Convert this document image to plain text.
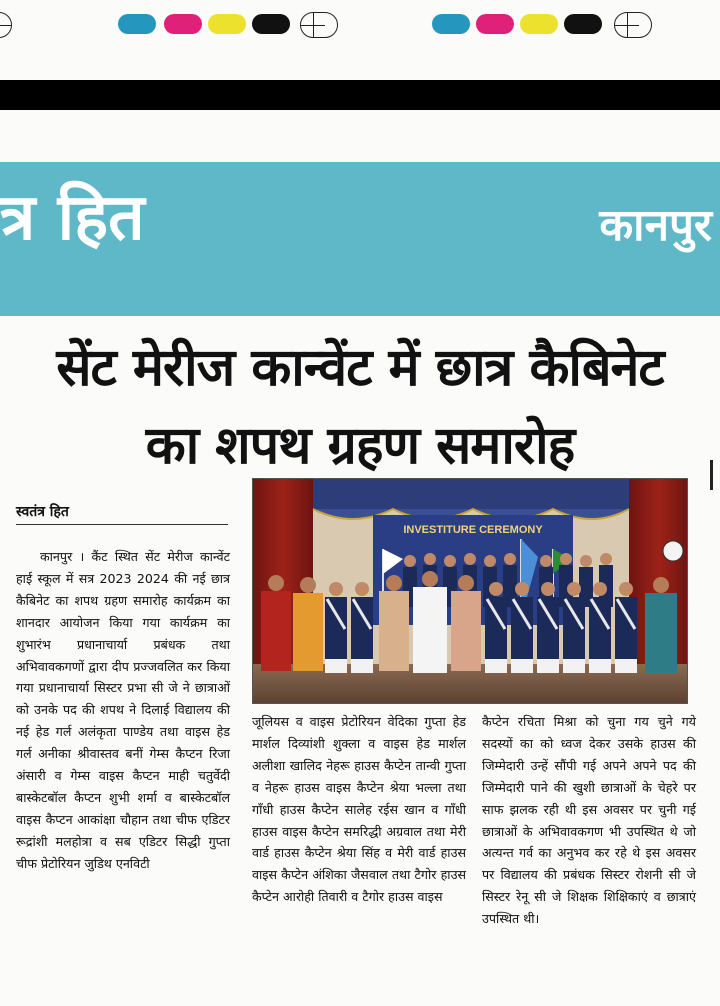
त्र हित	कानपुर
सेंट मेरीज कान्वेंट में छात्र कैबिनेट
का शपथ ग्रहण समारोह
स्वतंत्र हित
INVESTITURE CEREMONY

कानपुर । कैंट स्थित सेंट मेरीज कान्वेंट हाई स्कूल में सत्र 2023 2024 की नई छात्र कैबिनेट का शपथ ग्रहण समारोह कार्यक्रम का शानदार आयोजन किया गया कार्यक्रम का शुभारंभ प्रधानाचार्या प्रबंधक तथा अभिवावकगणों द्वारा दीप प्रज्जवलित कर किया गया प्रधानाचार्या सिस्टर प्रभा सी जे ने छात्राओं को उनके पद की शपथ ने दिलाई विद्यालय की नई हेड गर्ल अलंकृता पाण्डेय तथा वाइस हेड गर्ल अनीका श्रीवास्तव बनीं गेम्स कैप्टन रिजा अंसारी व गेम्स वाइस कैप्टन माही चतुर्वेदी बास्केटबॉल कैप्टन शुभी शर्मा व बास्केटबॉल वाइस कैप्टन आकांक्षा चौहान तथा चीफ एडिटर रूद्रांशी मलहोत्रा व सब एडिटर सिद्धी गुप्ता चीफ प्रेटोरियन जुडिथ एनविटी

जूलियस व वाइस प्रेटोरियन वेदिका गुप्ता हेड मार्शल दिव्यांशी शुक्ला व वाइस हेड मार्शल अलीशा खालिद नेहरू हाउस कैप्टेन तान्वी गुप्ता व नेहरू हाउस वाइस कैप्टेन श्रेया भल्ला तथा गाँधी हाउस कैप्टेन सालेह रईस खान व गाँधी हाउस वाइस कैप्टेन समरिद्धी अग्रवाल तथा मेरी वार्ड हाउस कैप्टेन श्रेया सिंह व मेरी वार्ड हाउस वाइस कैप्टेन अंशिका जैसवाल तथा टैगोर हाउस कैप्टेन आरोही तिवारी व टैगोर हाउस वाइस

कैप्टेन रचिता मिश्रा को चुना गय चुने गये सदस्यों का को ध्वज देकर उसके हाउस की जिम्मेदारी उन्हें सौंपी गई अपने अपने पद की जिम्मेदारी पाने की खुशी छात्राओं के चेहरे पर साफ झलक रही थी इस अवसर पर चुनी गई छात्राओं के अभिवावकगण भी उपस्थित थे जो अत्यन्त गर्व का अनुभव कर रहे थे इस अवसर पर विद्यालय की प्रबंधक सिस्टर रोशनी सी जे सिस्टर रेनू सी जे शिक्षक शिक्षिकाएं व छात्राएं उपस्थित थी।
